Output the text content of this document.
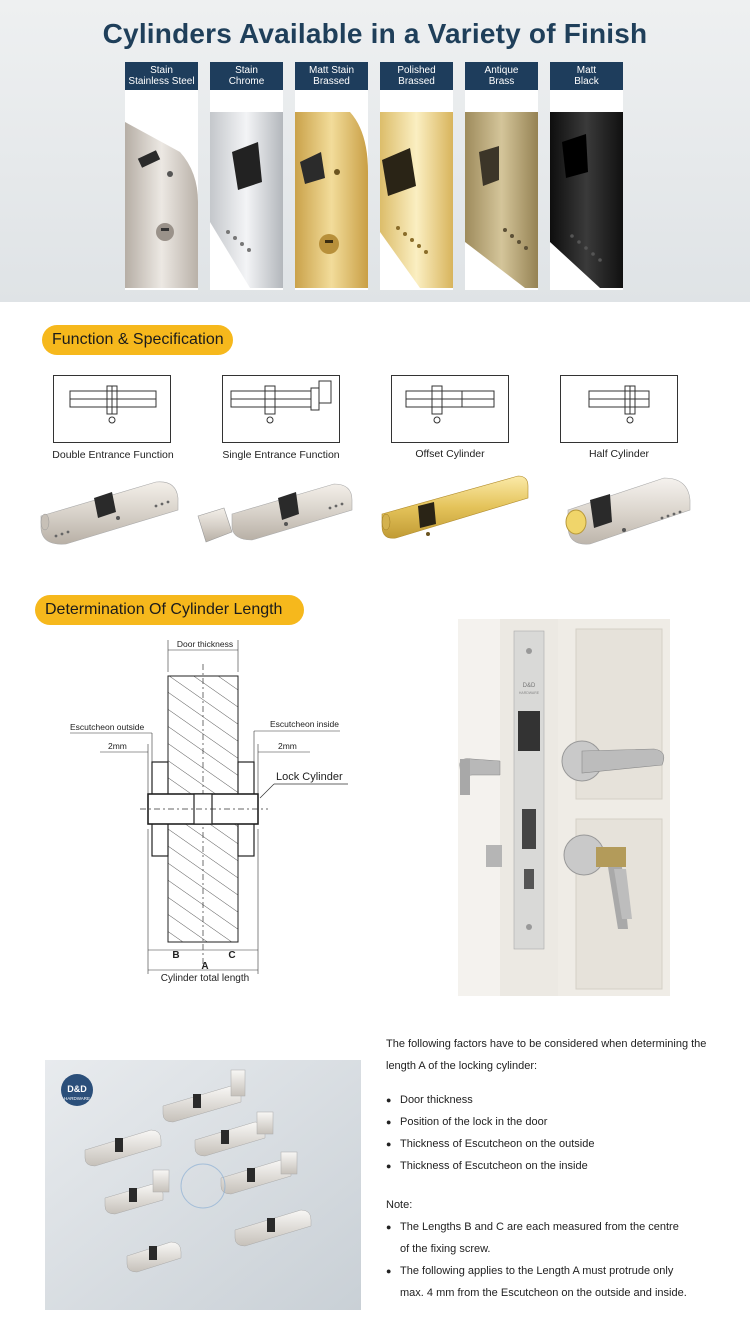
Cylinders Available in a Variety of Finish
Stain
Stainless Steel
Stain
Chrome
Matt Stain
Brassed
Polished
Brassed
Antique
Brass
Matt
Black
Function & Specification
Double Entrance Function	Single Entrance Function	Offset Cylinder	Half Cylinder
Determination Of Cylinder Length
Door thickness
Escutcheon outside	Escutcheon inside
2mm	2mm
Lock Cylinder
B	C
A
Cylinder total length
D&D
HARDWARE
D&D
HARDWARE

The following factors have to be considered when determining the length A of the locking cylinder:

● Door thickness
● Position of the lock in the door
● Thickness of Escutcheon on the outside
● Thickness of Escutcheon on the inside

Note:

● The Lengths B and C are each measured from the centre
of the fixing screw.
● The following applies to the Length A must protrude only
max. 4 mm from the Escutcheon on the outside and inside.
